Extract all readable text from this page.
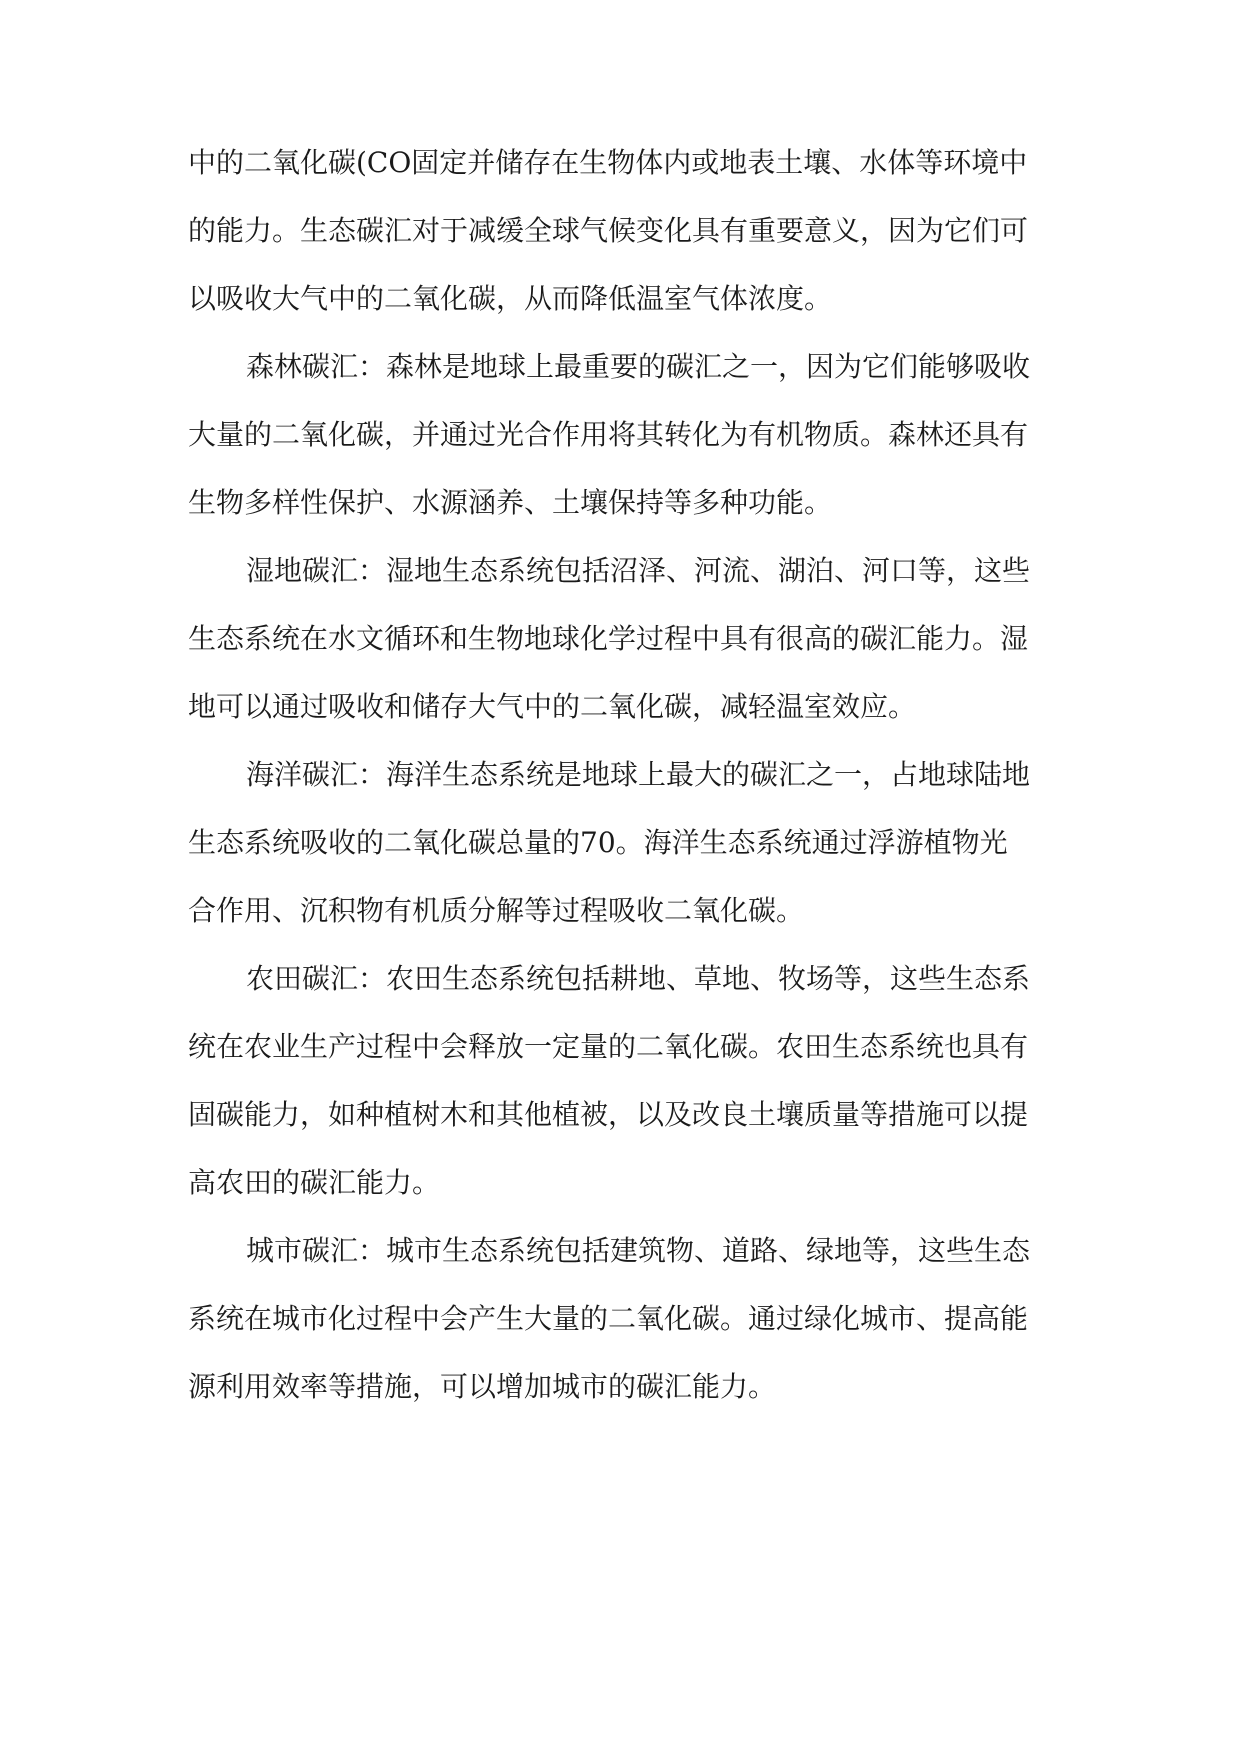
中的二氧化碳(CO固定并储存在生物体内或地表土壤、水体等环境中
的能力。生态碳汇对于减缓全球气候变化具有重要意义，因为它们可
以吸收大气中的二氧化碳，从而降低温室气体浓度。

森林碳汇：森林是地球上最重要的碳汇之一，因为它们能够吸收
大量的二氧化碳，并通过光合作用将其转化为有机物质。森林还具有
生物多样性保护、水源涵养、土壤保持等多种功能。

湿地碳汇：湿地生态系统包括沼泽、河流、湖泊、河口等，这些
生态系统在水文循环和生物地球化学过程中具有很高的碳汇能力。湿
地可以通过吸收和储存大气中的二氧化碳，减轻温室效应。

海洋碳汇：海洋生态系统是地球上最大的碳汇之一，占地球陆地
生态系统吸收的二氧化碳总量的70。海洋生态系统通过浮游植物光
合作用、沉积物有机质分解等过程吸收二氧化碳。

农田碳汇：农田生态系统包括耕地、草地、牧场等，这些生态系
统在农业生产过程中会释放一定量的二氧化碳。农田生态系统也具有
固碳能力，如种植树木和其他植被，以及改良土壤质量等措施可以提
高农田的碳汇能力。

城市碳汇：城市生态系统包括建筑物、道路、绿地等，这些生态
系统在城市化过程中会产生大量的二氧化碳。通过绿化城市、提高能
源利用效率等措施，可以增加城市的碳汇能力。
